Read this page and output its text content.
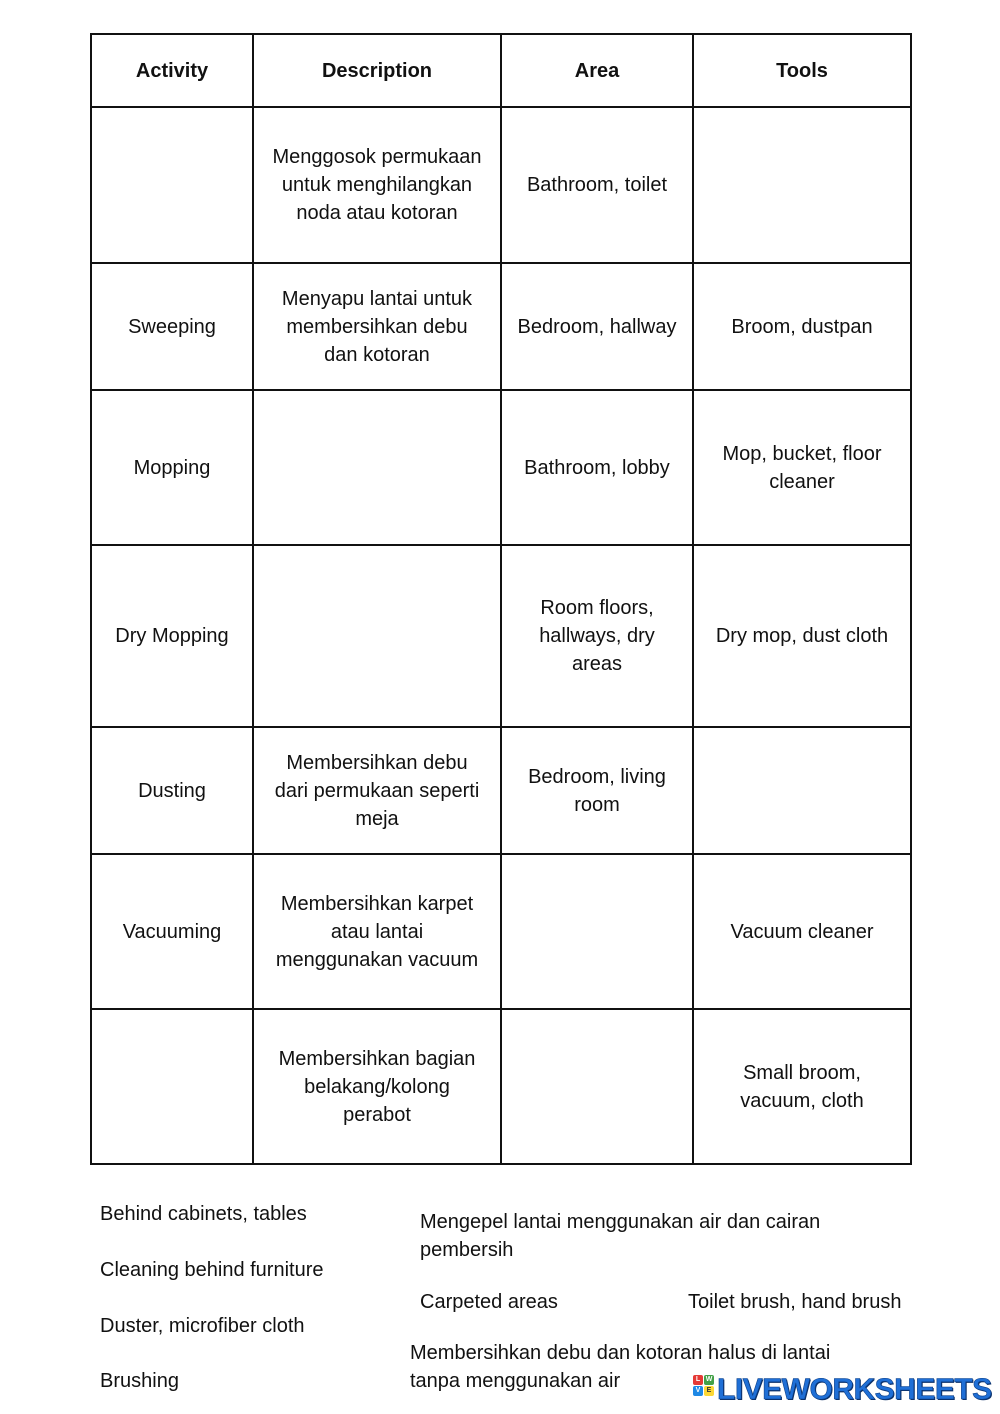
Activity	Description	Area	Tools
	Menggosok permukaan untuk menghilangkan noda atau kotoran	Bathroom, toilet	
Sweeping	Menyapu lantai untuk membersihkan debu dan kotoran	Bedroom, hallway	Broom, dustpan
Mopping		Bathroom, lobby	Mop, bucket, floor cleaner
Dry Mopping		Room floors, hallways, dry areas	Dry mop, dust cloth
Dusting	Membersihkan debu dari permukaan seperti meja	Bedroom, living room	
Vacuuming	Membersihkan karpet atau lantai menggunakan vacuum		Vacuum cleaner
	Membersihkan bagian belakang/kolong perabot		Small broom, vacuum, cloth
Behind cabinets, tables
Cleaning behind furniture
Duster, microfiber cloth
Brushing
Mengepel lantai menggunakan air dan cairan pembersih
Carpeted areas	Toilet brush, hand brush
Membersihkan debu dan kotoran halus di lantai tanpa menggunakan air	L W
V E LIVEWORKSHEETS
